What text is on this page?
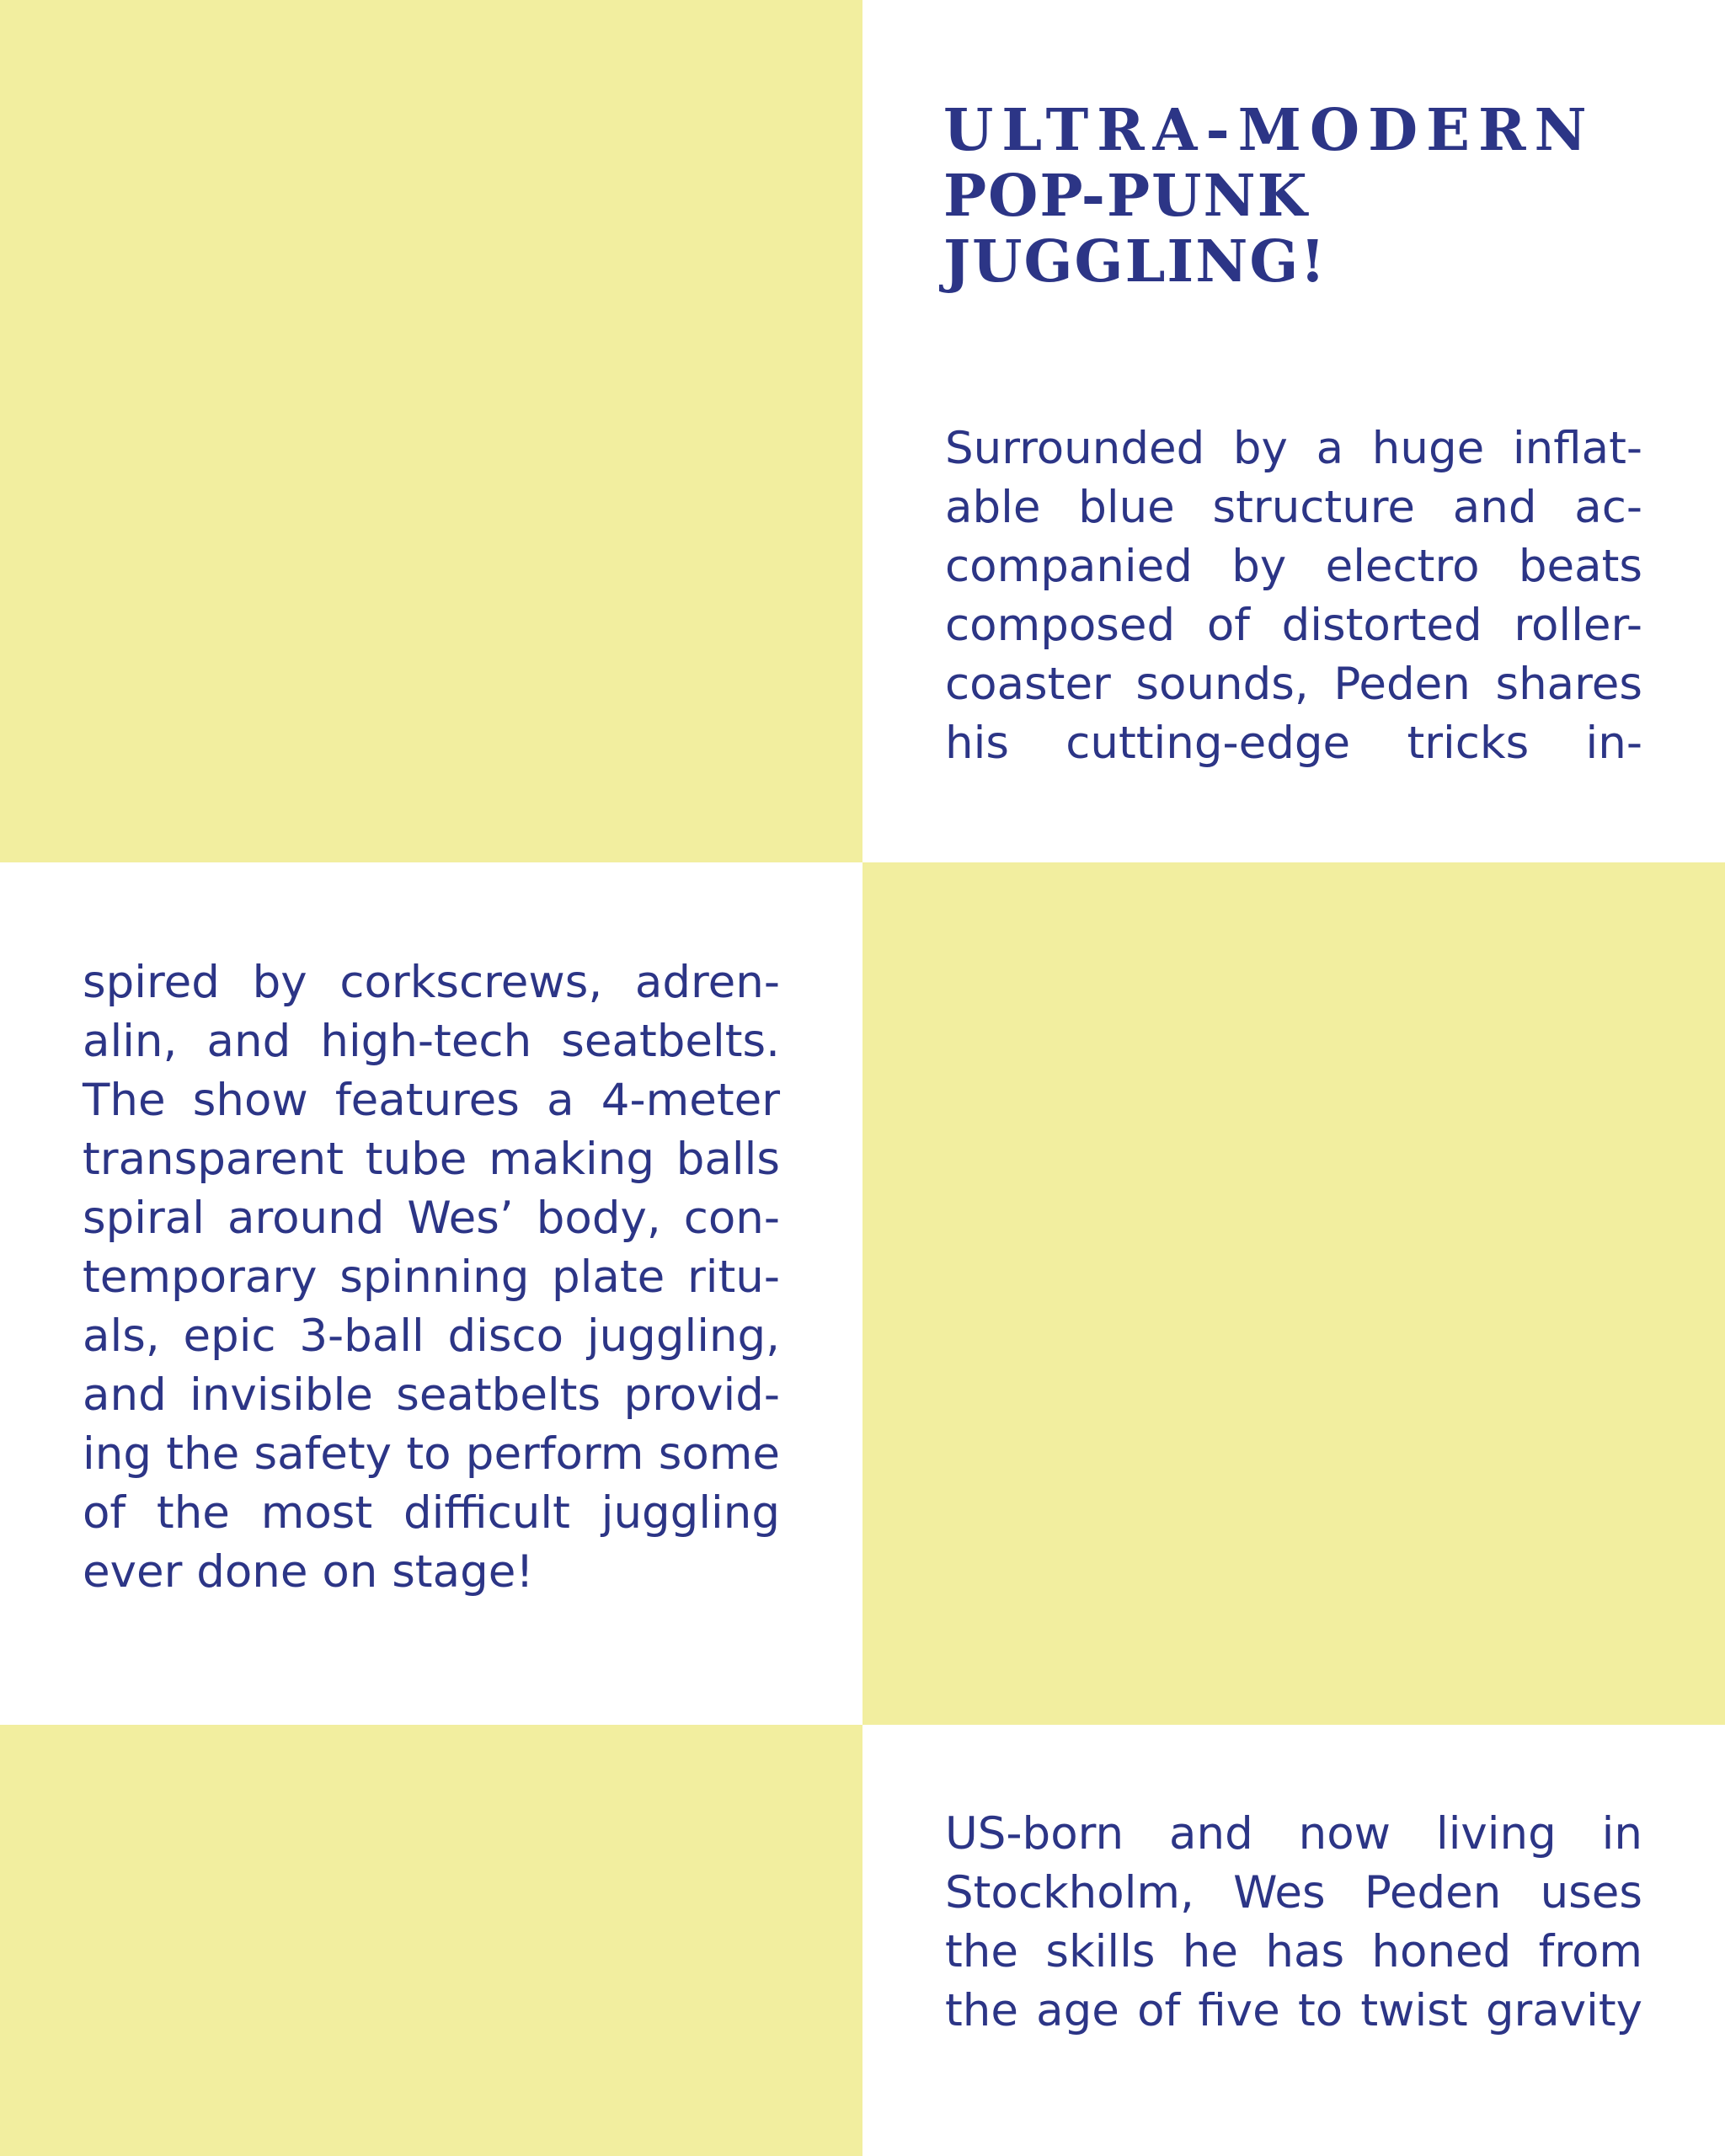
ULTRA-MODERN
POP-PUNK
JUGGLING!
Surrounded by a huge inflat-
able blue structure and ac-
companied by electro beats
composed of distorted roller-
coaster sounds, Peden shares
his cutting-edge tricks in-
spired by corkscrews, adren-
alin, and high-tech seatbelts.
The show features a 4-meter
transparent tube making balls
spiral around Wes’ body, con-
temporary spinning plate ritu-
als, epic 3-ball disco juggling,
and invisible seatbelts provid-
ing the safety to perform some
of the most difficult juggling
ever done on stage!
US-born and now living in
Stockholm, Wes Peden uses
the skills he has honed from
the age of five to twist gravity
